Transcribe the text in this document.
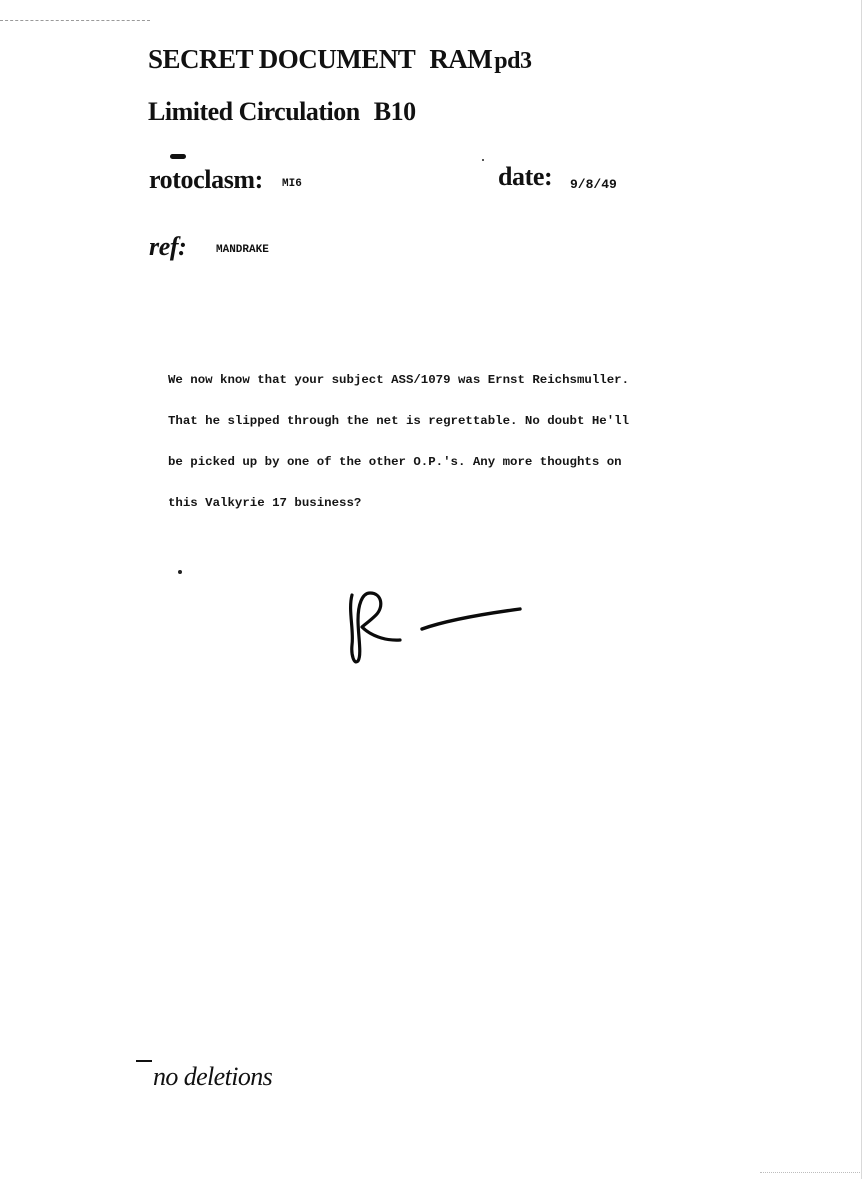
SECRET DOCUMENT RAMpd3
Limited Circulation B10
rotoclasm: MI6	date: 9/8/49
ref:	MANDRAKE
We now know that your subject ASS/1079 was Ernst Reichsmuller.
That he slipped through the net is regrettable. No doubt He'll
be picked up by one of the other O.P.'s. Any more thoughts on
this Valkyrie 17 business?
no deletions
